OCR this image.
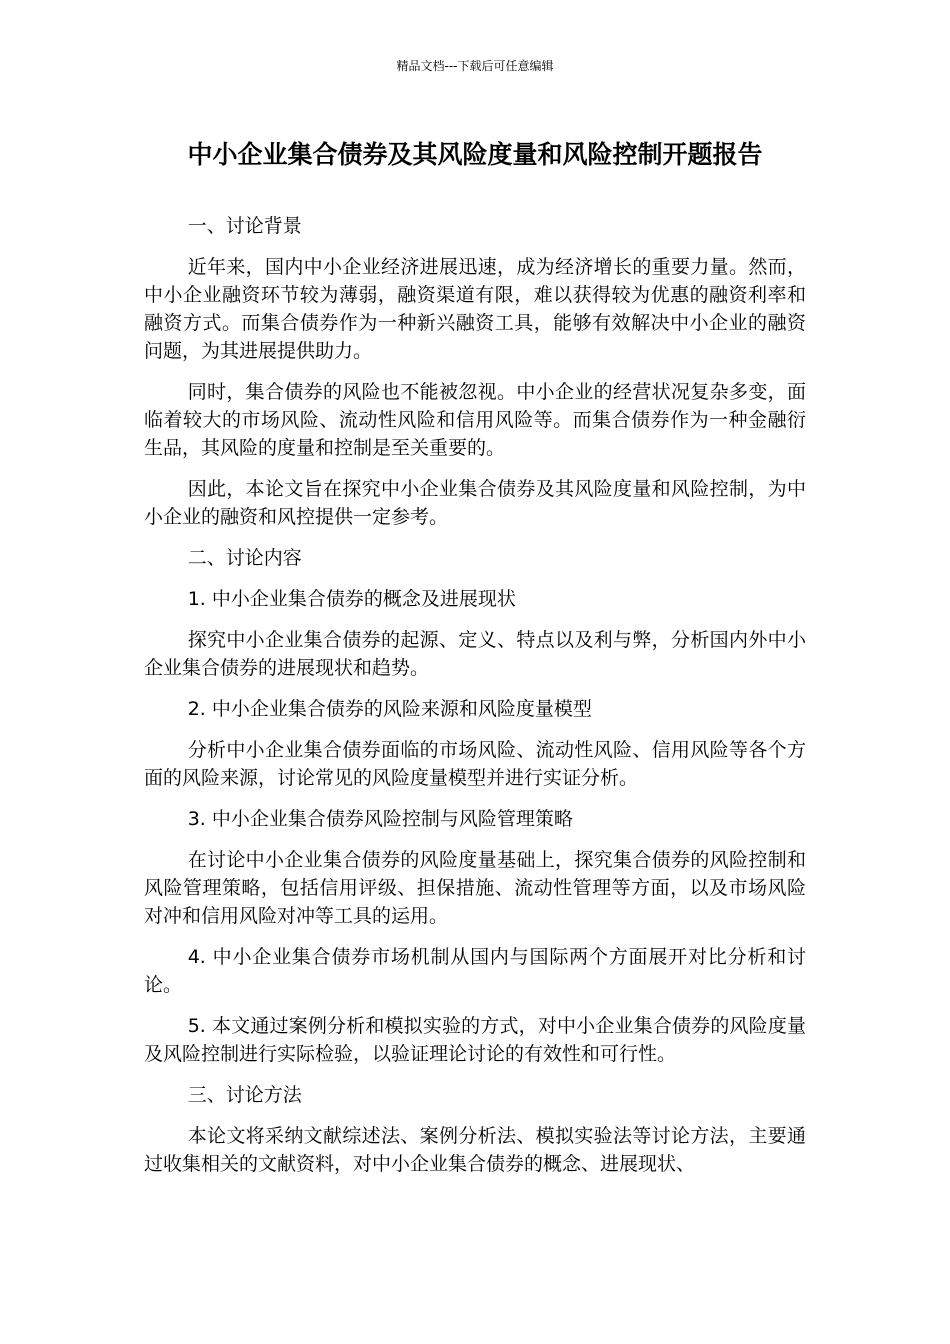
精品文档---下载后可任意编辑
中小企业集合债券及其风险度量和风险控制开题报告

一、讨论背景

近年来，国内中小企业经济进展迅速，成为经济增长的重要力量。然而，中小企业融资环节较为薄弱，融资渠道有限，难以获得较为优惠的融资利率和融资方式。而集合债券作为一种新兴融资工具，能够有效解决中小企业的融资问题，为其进展提供助力。

同时，集合债券的风险也不能被忽视。中小企业的经营状况复杂多变，面临着较大的市场风险、流动性风险和信用风险等。而集合债券作为一种金融衍生品，其风险的度量和控制是至关重要的。

因此，本论文旨在探究中小企业集合债券及其风险度量和风险控制，为中小企业的融资和风控提供一定参考。

二、讨论内容

1. 中小企业集合债券的概念及进展现状

探究中小企业集合债券的起源、定义、特点以及利与弊，分析国内外中小企业集合债券的进展现状和趋势。

2. 中小企业集合债券的风险来源和风险度量模型

分析中小企业集合债券面临的市场风险、流动性风险、信用风险等各个方面的风险来源，讨论常见的风险度量模型并进行实证分析。

3. 中小企业集合债券风险控制与风险管理策略

在讨论中小企业集合债券的风险度量基础上，探究集合债券的风险控制和风险管理策略，包括信用评级、担保措施、流动性管理等方面，以及市场风险对冲和信用风险对冲等工具的运用。

4. 中小企业集合债券市场机制从国内与国际两个方面展开对比分析和讨论。

5. 本文通过案例分析和模拟实验的方式，对中小企业集合债券的风险度量及风险控制进行实际检验，以验证理论讨论的有效性和可行性。

三、讨论方法

本论文将采纳文献综述法、案例分析法、模拟实验法等讨论方法，主要通过收集相关的文献资料，对中小企业集合债券的概念、进展现状、
